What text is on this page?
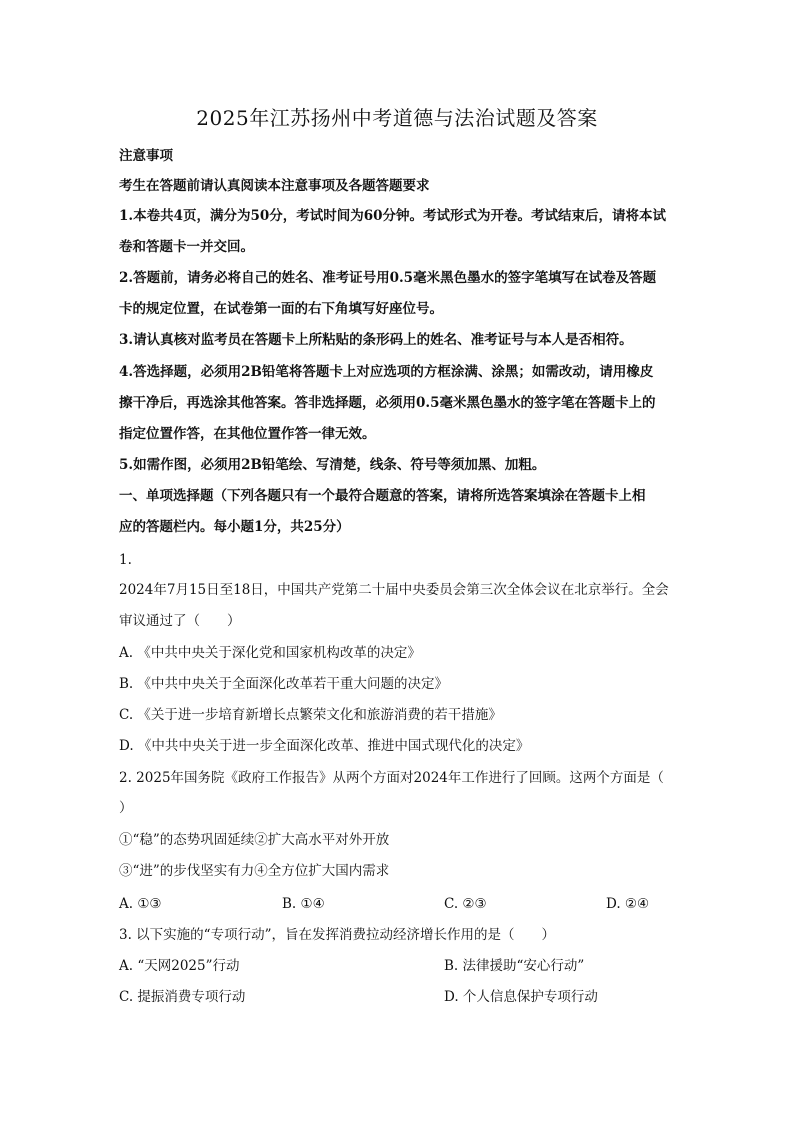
2025年江苏扬州中考道德与法治试题及答案
注意事项
考生在答题前请认真阅读本注意事项及各题答题要求
1.本卷共4页，满分为50分，考试时间为60分钟。考试形式为开卷。考试结束后，请将本试
卷和答题卡一并交回。
2.答题前，请务必将自己的姓名、准考证号用0.5毫米黑色墨水的签字笔填写在试卷及答题
卡的规定位置，在试卷第一面的右下角填写好座位号。
3.请认真核对监考员在答题卡上所粘贴的条形码上的姓名、准考证号与本人是否相符。
4.答选择题，必须用2B铅笔将答题卡上对应选项的方框涂满、涂黑；如需改动，请用橡皮
擦干净后，再选涂其他答案。答非选择题，必须用0.5毫米黑色墨水的签字笔在答题卡上的
指定位置作答，在其他位置作答一律无效。
5.如需作图，必须用2B铅笔绘、写清楚，线条、符号等须加黑、加粗。
一、单项选择题（下列各题只有一个最符合题意的答案，请将所选答案填涂在答题卡上相
应的答题栏内。每小题1分，共25分）
1.
2024年7月15日至18日，中国共产党第二十届中央委员会第三次全体会议在北京举行。全会
审议通过了（　　）
A. 《中共中央关于深化党和国家机构改革的决定》
B. 《中共中央关于全面深化改革若干重大问题的决定》
C. 《关于进一步培育新增长点繁荣文化和旅游消费的若干措施》
D. 《中共中央关于进一步全面深化改革、推进中国式现代化的决定》
2. 2025年国务院《政府工作报告》从两个方面对2024年工作进行了回顾。这两个方面是（
）
①“稳”的态势巩固延续②扩大高水平对外开放
③“进”的步伐坚实有力④全方位扩大国内需求
A. ①③	B. ①④	C. ②③	D. ②④
3. 以下实施的“专项行动”，旨在发挥消费拉动经济增长作用的是（　　）
A. “天网2025”行动	B. 法律援助“安心行动”
C. 提振消费专项行动	D. 个人信息保护专项行动
